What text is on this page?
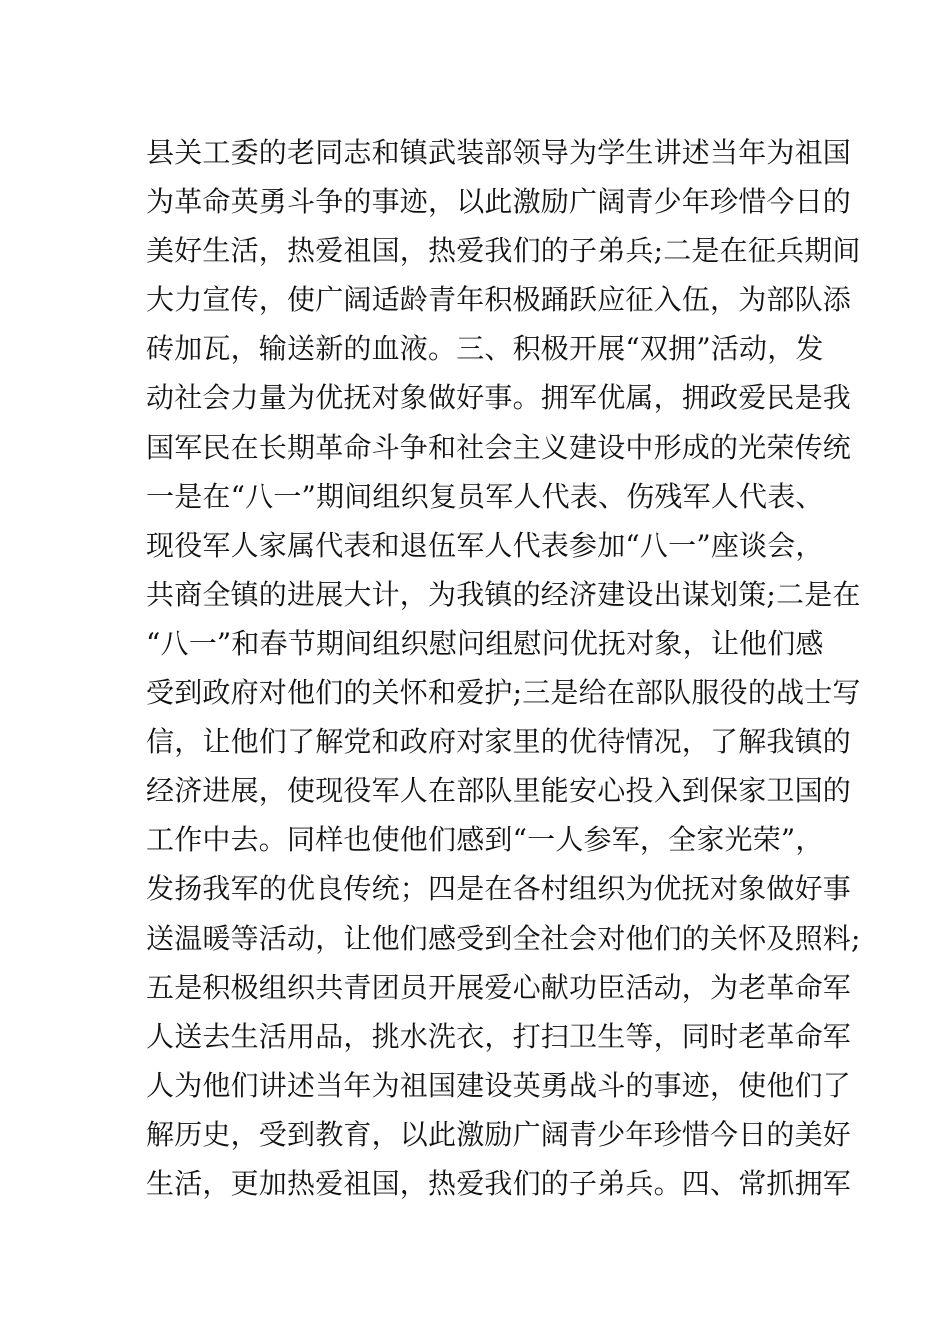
县关工委的老同志和镇武装部领导为学生讲述当年为祖国
为革命英勇斗争的事迹，以此激励广阔青少年珍惜今日的
美好生活，热爱祖国，热爱我们的子弟兵;二是在征兵期间
大力宣传，使广阔适龄青年积极踊跃应征入伍，为部队添
砖加瓦，输送新的血液。三、积极开展“双拥”活动，发
动社会力量为优抚对象做好事。拥军优属，拥政爱民是我
国军民在长期革命斗争和社会主义建设中形成的光荣传统
一是在“八一”期间组织复员军人代表、伤残军人代表、
现役军人家属代表和退伍军人代表参加“八一”座谈会，
共商全镇的进展大计，为我镇的经济建设出谋划策;二是在
“八一”和春节期间组织慰问组慰问优抚对象，让他们感
受到政府对他们的关怀和爱护;三是给在部队服役的战士写
信，让他们了解党和政府对家里的优待情况，了解我镇的
经济进展，使现役军人在部队里能安心投入到保家卫国的
工作中去。同样也使他们感到“一人参军，全家光荣”，
发扬我军的优良传统；四是在各村组织为优抚对象做好事
送温暖等活动，让他们感受到全社会对他们的关怀及照料;
五是积极组织共青团员开展爱心献功臣活动，为老革命军
人送去生活用品，挑水洗衣，打扫卫生等，同时老革命军
人为他们讲述当年为祖国建设英勇战斗的事迹，使他们了
解历史，受到教育，以此激励广阔青少年珍惜今日的美好
生活，更加热爱祖国，热爱我们的子弟兵。四、常抓拥军
